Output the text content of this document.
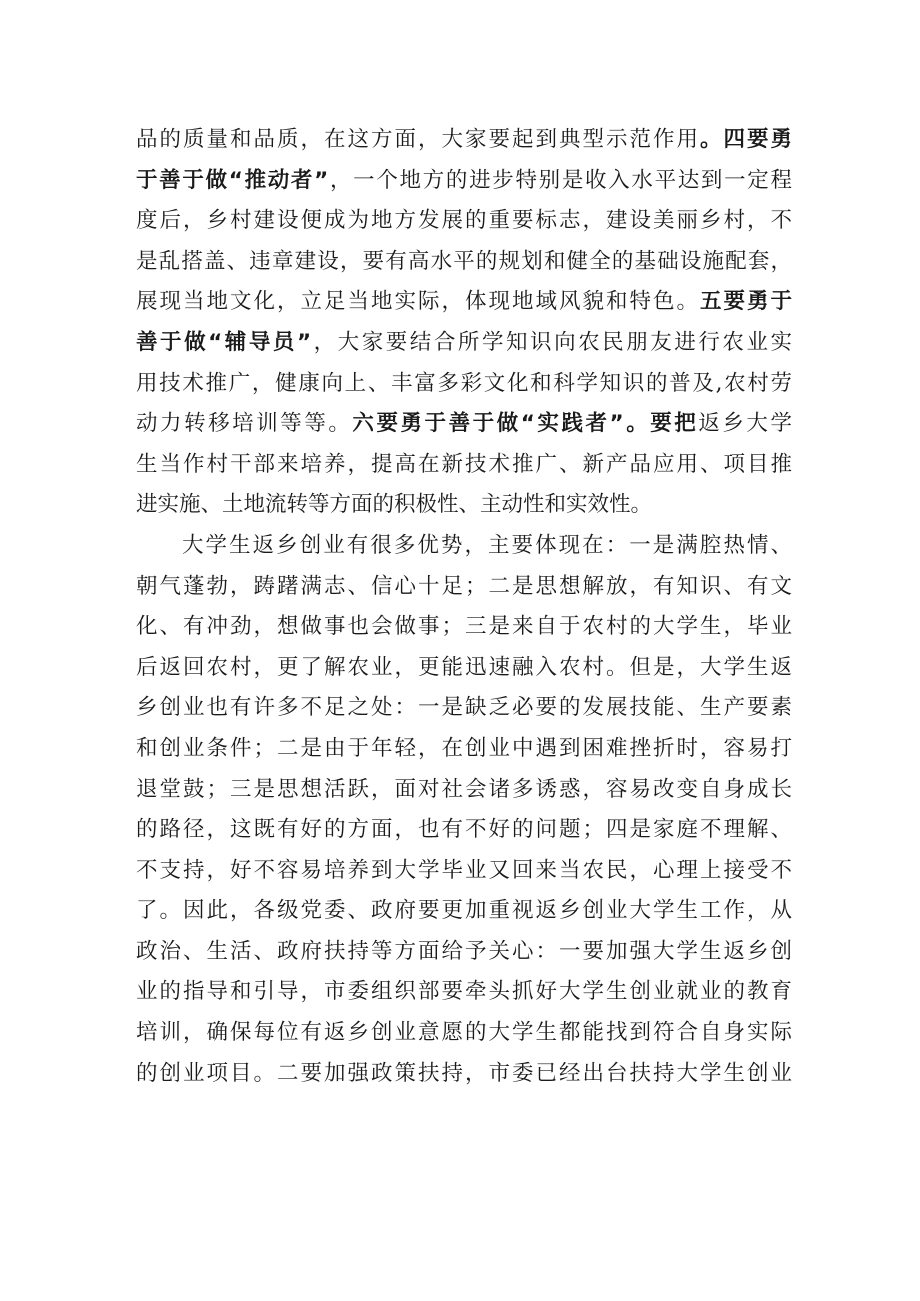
品的质量和品质，在这方面，大家要起到典型示范作用。四要勇
于善于做“推动者”，一个地方的进步特别是收入水平达到一定程
度后，乡村建设便成为地方发展的重要标志，建设美丽乡村，不
是乱搭盖、违章建设，要有高水平的规划和健全的基础设施配套，
展现当地文化，立足当地实际，体现地域风貌和特色。五要勇于
善于做“辅导员”，大家要结合所学知识向农民朋友进行农业实
用技术推广，健康向上、丰富多彩文化和科学知识的普及,农村劳
动力转移培训等等。六要勇于善于做“实践者”。要把返乡大学
生当作村干部来培养，提高在新技术推广、新产品应用、项目推
进实施、土地流转等方面的积极性、主动性和实效性。
大学生返乡创业有很多优势，主要体现在：一是满腔热情、
朝气蓬勃，踌躇满志、信心十足；二是思想解放，有知识、有文
化、有冲劲，想做事也会做事；三是来自于农村的大学生，毕业
后返回农村，更了解农业，更能迅速融入农村。但是，大学生返
乡创业也有许多不足之处：一是缺乏必要的发展技能、生产要素
和创业条件；二是由于年轻，在创业中遇到困难挫折时，容易打
退堂鼓；三是思想活跃，面对社会诸多诱惑，容易改变自身成长
的路径，这既有好的方面，也有不好的问题；四是家庭不理解、
不支持，好不容易培养到大学毕业又回来当农民，心理上接受不
了。因此，各级党委、政府要更加重视返乡创业大学生工作，从
政治、生活、政府扶持等方面给予关心：一要加强大学生返乡创
业的指导和引导，市委组织部要牵头抓好大学生创业就业的教育
培训，确保每位有返乡创业意愿的大学生都能找到符合自身实际
的创业项目。二要加强政策扶持，市委已经出台扶持大学生创业
